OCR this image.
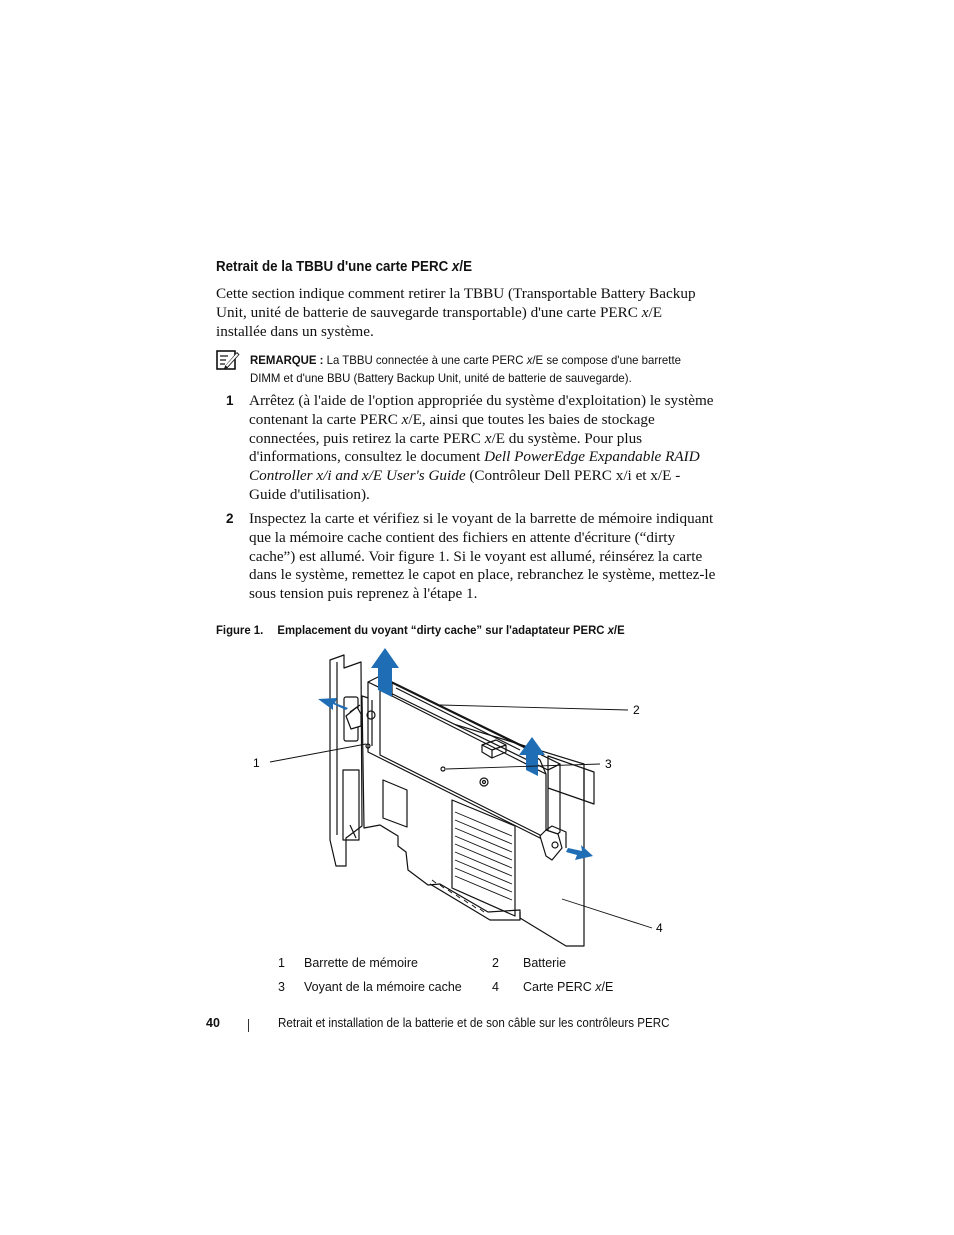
Retrait de la TBBU d'une carte PERC x/E
Cette section indique comment retirer la TBBU (Transportable Battery Backup Unit, unité de batterie de sauvegarde transportable) d'une carte PERC x/E installée dans un système.
REMARQUE : La TBBU connectée à une carte PERC x/E se compose d'une barrette DIMM et d'une BBU (Battery Backup Unit, unité de batterie de sauvegarde).
1 Arrêtez (à l'aide de l'option appropriée du système d'exploitation) le système contenant la carte PERC x/E, ainsi que toutes les baies de stockage connectées, puis retirez la carte PERC x/E du système. Pour plus d'informations, consultez le document Dell PowerEdge Expandable RAID Controller x/i and x/E User's Guide (Contrôleur Dell PERC x/i et x/E - Guide d'utilisation).
2 Inspectez la carte et vérifiez si le voyant de la barrette de mémoire indiquant que la mémoire cache contient des fichiers en attente d'écriture (“dirty cache”) est allumé. Voir figure 1. Si le voyant est allumé, réinsérez la carte dans le système, remettez le capot en place, rebranchez le système, mettez-le sous tension puis reprenez à l'étape 1.
Figure 1. Emplacement du voyant “dirty cache” sur l'adaptateur PERC x/E
1
2
3
4
1 Barrette de mémoire	2 Batterie
3 Voyant de la mémoire cache 4 Carte PERC x/E
40	Retrait et installation de la batterie et de son câble sur les contrôleurs PERC
